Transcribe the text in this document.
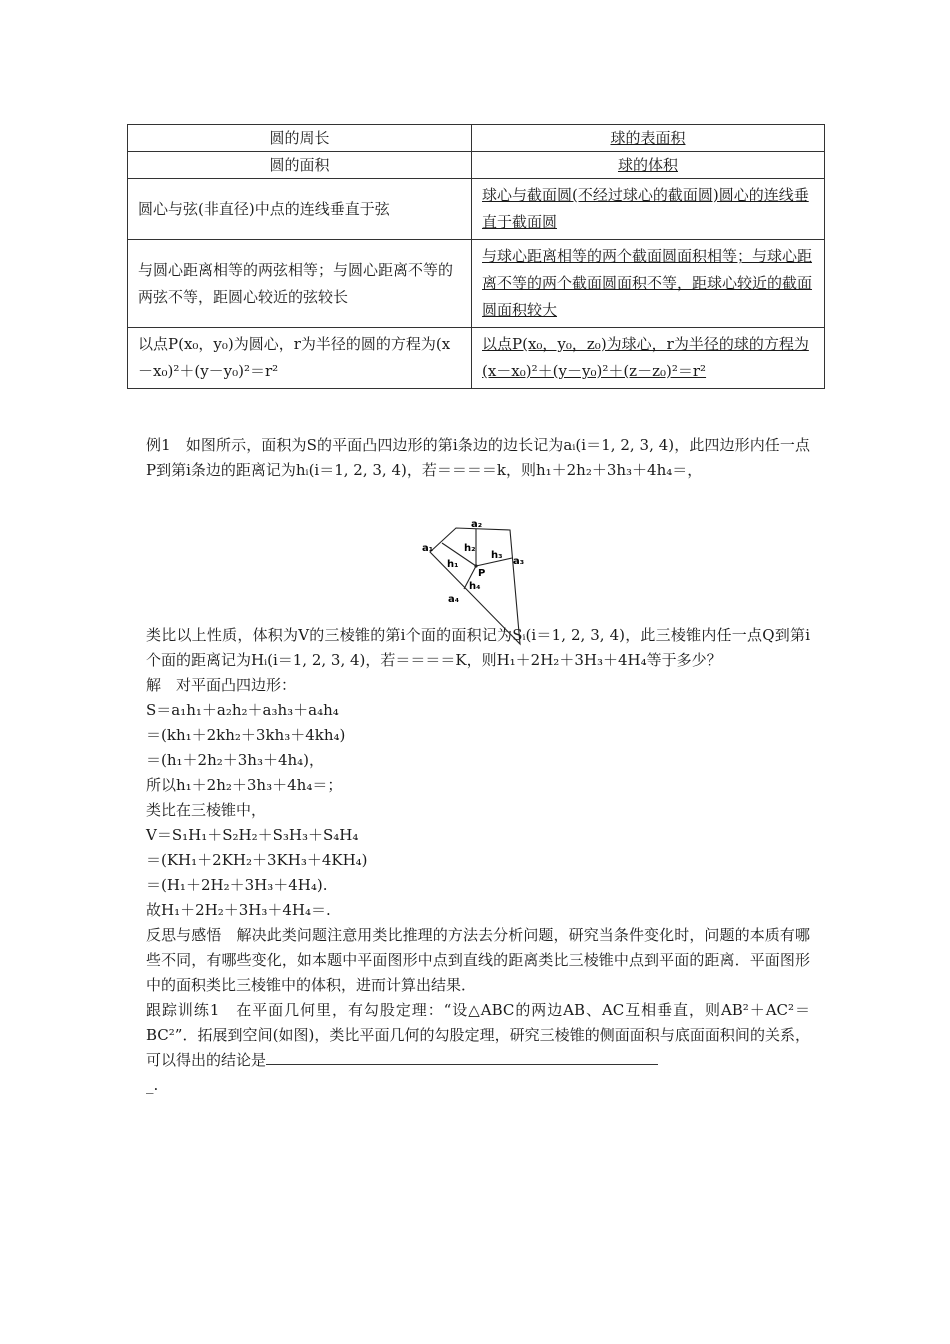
圆的周长	球的表面积
圆的面积	球的体积
圆心与弦(非直径)中点的连线垂直于弦	球心与截面圆(不经过球心的截面圆)圆心的连线垂直于截面圆
与圆心距离相等的两弦相等；与圆心距离不等的两弦不等，距圆心较近的弦较长	与球心距离相等的两个截面圆面积相等；与球心距离不等的两个截面圆面积不等，距球心较近的截面圆面积较大
以点P(x₀，y₀)为圆心，r为半径的圆的方程为(x－x₀)²＋(y－y₀)²＝r²	以点P(x₀，y₀，z₀)为球心，r为半径的球的方程为(x－x₀)²＋(y－y₀)²＋(z－z₀)²＝r²

例1　如图所示，面积为S的平面凸四边形的第i条边的边长记为aᵢ(i＝1, 2, 3, 4)，此四边形内任一点P到第i条边的距离记为hᵢ(i＝1, 2, 3, 4)，若＝＝＝＝k，则h₁＋2h₂＋3h₃＋4h₄＝，

类比以上性质，体积为V的三棱锥的第i个面的面积记为Sᵢ(i＝1, 2, 3, 4)，此三棱锥内任一点Q到第i个面的距离记为Hᵢ(i＝1, 2, 3, 4)，若＝＝＝＝K，则H₁＋2H₂＋3H₃＋4H₄等于多少？

解　对平面凸四边形：
S＝a₁h₁＋a₂h₂＋a₃h₃＋a₄h₄
＝(kh₁＋2kh₂＋3kh₃＋4kh₄)
＝(h₁＋2h₂＋3h₃＋4h₄)，
所以h₁＋2h₂＋3h₃＋4h₄＝；
类比在三棱锥中，
V＝S₁H₁＋S₂H₂＋S₃H₃＋S₄H₄
＝(KH₁＋2KH₂＋3KH₃＋4KH₄)
＝(H₁＋2H₂＋3H₃＋4H₄).
故H₁＋2H₂＋3H₃＋4H₄＝.

反思与感悟　解决此类问题注意用类比推理的方法去分析问题，研究当条件变化时，问题的本质有哪些不同，有哪些变化，如本题中平面图形中点到直线的距离类比三棱锥中点到平面的距离．平面图形中的面积类比三棱锥中的体积，进而计算出结果．

跟踪训练1　在平面几何里，有勾股定理：“设△ABC的两边AB、AC互相垂直，则AB²＋AC²＝BC²”．拓展到空间(如图)，类比平面几何的勾股定理，研究三棱锥的侧面面积与底面面积间的关系，可以得出的结论是

_.
a₁
a₂
a₃
a₄
h₁
h₂
h₃
h₄
P
